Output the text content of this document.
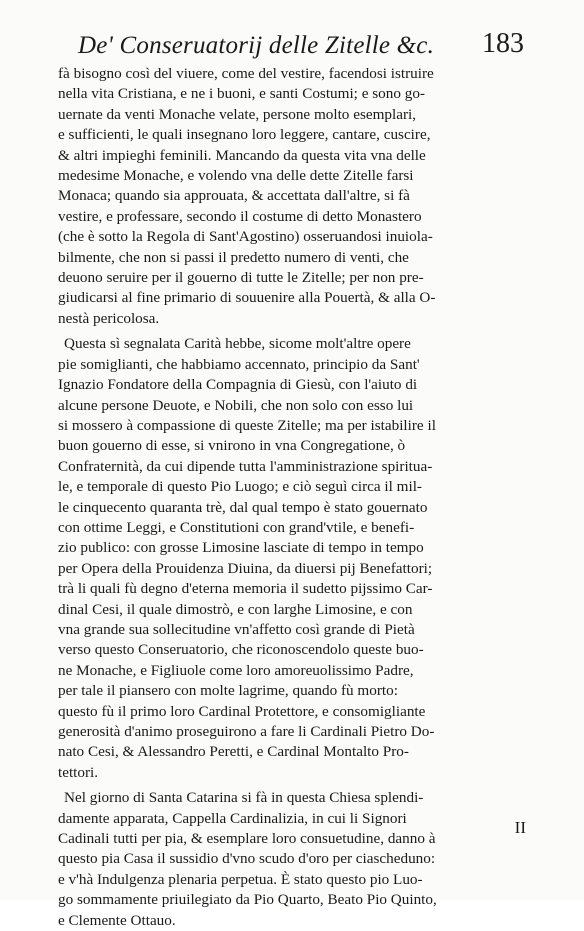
De' Conseruatorij delle Zitelle &c. 183
fà bisogno così del viuere, come del vestire, facendosi istruire
nella vita Cristiana, e ne i buoni, e santi Costumi; e sono go-
uernate da venti Monache velate, persone molto esemplari,
e sufficienti, le quali insegnano loro leggere, cantare, cuscire,
& altri impieghi feminili. Mancando da questa vita vna delle
medesime Monache, e volendo vna delle dette Zitelle farsi
Monaca; quando sia approuata, & accettata dall'altre, si fà
vestire, e professare, secondo il costume di detto Monastero
(che è sotto la Regola di Sant'Agostino) osseruandosi inuiola-
bilmente, che non si passi il predetto numero di venti, che
deuono seruire per il gouerno di tutte le Zitelle; per non pre-
giudicarsi al fine primario di souuenire alla Pouertà, & alla O-
nestà pericolosa.
Questa sì segnalata Carità hebbe, sicome molt'altre opere
pie somiglianti, che habbiamo accennato, principio da Sant'
Ignazio Fondatore della Compagnia di Giesù, con l'aiuto di
alcune persone Deuote, e Nobili, che non solo con esso lui
si mossero à compassione di queste Zitelle; ma per istabilire il
buon gouerno di esse, si vnirono in vna Congregatione, ò
Confraternità, da cui dipende tutta l'amministrazione spiritua-
le, e temporale di questo Pio Luogo; e ciò seguì circa il mil-
le cinquecento quaranta trè, dal qual tempo è stato gouernato
con ottime Leggi, e Constitutioni con grand'vtile, e benefi-
zio publico: con grosse Limosine lasciate di tempo in tempo
per Opera della Prouidenza Diuina, da diuersi pij Benefattori;
trà li quali fù degno d'eterna memoria il sudetto pijssimo Car-
dinal Cesi, il quale dimostrò, e con larghe Limosine, e con
vna grande sua sollecitudine vn'affetto così grande di Pietà
verso questo Conseruatorio, che riconoscendolo queste buo-
ne Monache, e Figliuole come loro amoreuolissimo Padre,
per tale il piansero con molte lagrime, quando fù morto:
questo fù il primo loro Cardinal Protettore, e consomigliante
generosità d'animo proseguirono a fare li Cardinali Pietro Do-
nato Cesi, & Alessandro Peretti, e Cardinal Montalto Pro-
tettori.
Nel giorno di Santa Catarina si fà in questa Chiesa splendi-
damente apparata, Cappella Cardinalizia, in cui li Signori
Cadinali tutti per pia, & esemplare loro consuetudine, danno à
questo pia Casa il sussidio d'vno scudo d'oro per ciascheduno:
e v'hà Indulgenza plenaria perpetua. È stato questo pio Luo-
go sommamente priuilegiato da Pio Quarto, Beato Pio Quinto,
e Clemente Ottauo.
II
